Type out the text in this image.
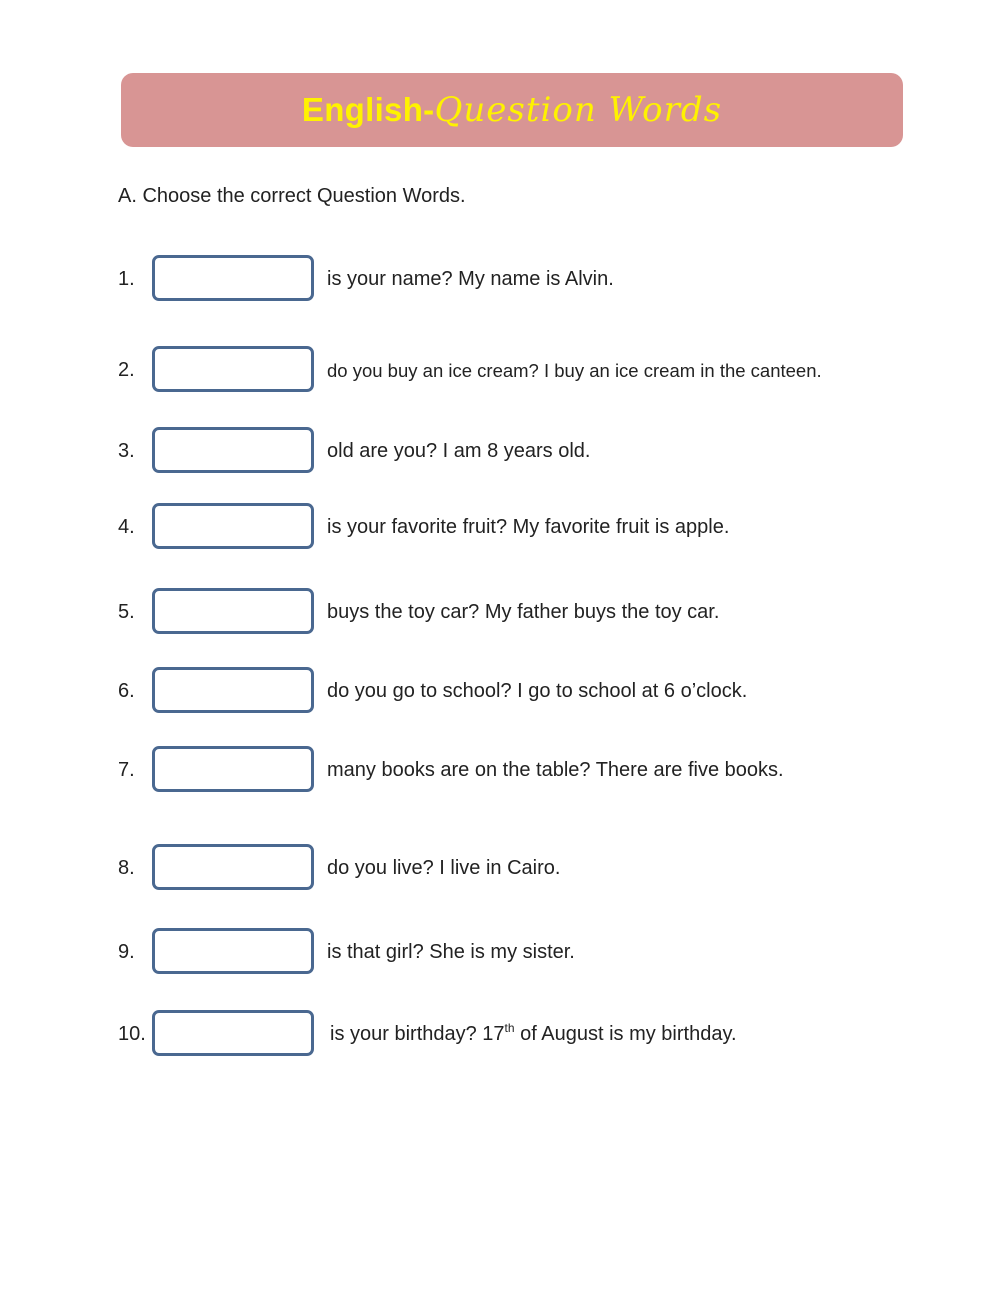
English-Question Words
A. Choose the correct Question Words.
1.	is your name? My name is Alvin.
2.	do you buy an ice cream? I buy an ice cream in the canteen.
3.	old are you? I am 8 years old.
4.	is your favorite fruit? My favorite fruit is apple.
5.	buys the toy car? My father buys the toy car.
6.	do you go to school? I go to school at 6 o’clock.
7.	many books are on the table? There are five books.
8.	do you live? I live in Cairo.
9.	is that girl? She is my sister.
10.	is your birthday? 17th of August is my birthday.
